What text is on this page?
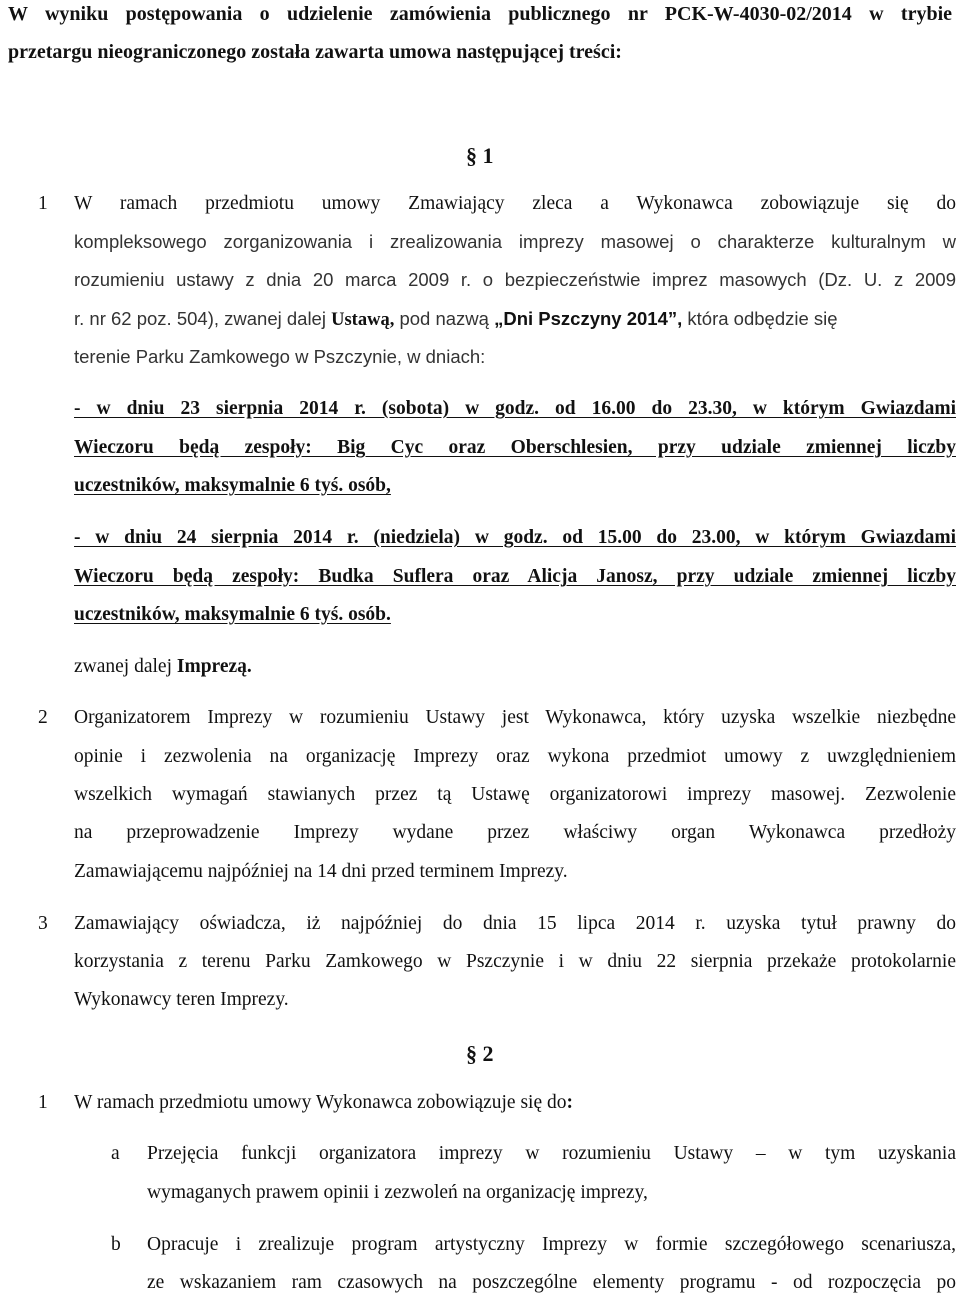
W wyniku postępowania o udzielenie zamówienia publicznego nr PCK-W-4030-02/2014 w trybie
przetargu nieograniczonego została zawarta umowa następującej treści:
§ 1
1 W ramach przedmiotu umowy Zmawiający zleca a Wykonawca zobowiązuje się do
kompleksowego zorganizowania i zrealizowania imprezy masowej o charakterze kulturalnym w
rozumieniu ustawy z dnia 20 marca 2009 r. o bezpieczeństwie imprez masowych (Dz. U. z 2009
r. nr 62 poz. 504), zwanej dalej Ustawą, pod nazwą „Dni Pszczyny 2014”, która odbędzie się
terenie Parku Zamkowego w Pszczynie, w dniach:
- w dniu 23 sierpnia 2014 r. (sobota) w godz. od 16.00 do 23.30, w którym Gwiazdami
Wieczoru będą zespoły: Big Cyc oraz Oberschlesien, przy udziale zmiennej liczby
uczestników, maksymalnie 6 tyś. osób,
- w dniu 24 sierpnia 2014 r. (niedziela) w godz. od 15.00 do 23.00, w którym Gwiazdami
Wieczoru będą zespoły: Budka Suflera oraz Alicja Janosz, przy udziale zmiennej liczby
uczestników, maksymalnie 6 tyś. osób.
zwanej dalej Imprezą.
2 Organizatorem Imprezy w rozumieniu Ustawy jest Wykonawca, który uzyska wszelkie niezbędne
opinie i zezwolenia na organizację Imprezy oraz wykona przedmiot umowy z uwzględnieniem
wszelkich wymagań stawianych przez tą Ustawę organizatorowi imprezy masowej. Zezwolenie
na przeprowadzenie Imprezy wydane przez właściwy organ Wykonawca przedłoży
Zamawiającemu najpóźniej na 14 dni przed terminem Imprezy.
3 Zamawiający oświadcza, iż najpóźniej do dnia 15 lipca 2014 r. uzyska tytuł prawny do
korzystania z terenu Parku Zamkowego w Pszczynie i w dniu 22 sierpnia przekaże protokolarnie
Wykonawcy teren Imprezy.
§ 2
1 W ramach przedmiotu umowy Wykonawca zobowiązuje się do:
a Przejęcia funkcji organizatora imprezy w rozumieniu Ustawy – w tym uzyskania
wymaganych prawem opinii i zezwoleń na organizację imprezy,
b Opracuje i zrealizuje program artystyczny Imprezy w formie szczegółowego scenariusza,
ze wskazaniem ram czasowych na poszczególne elementy programu - od rozpoczęcia po
